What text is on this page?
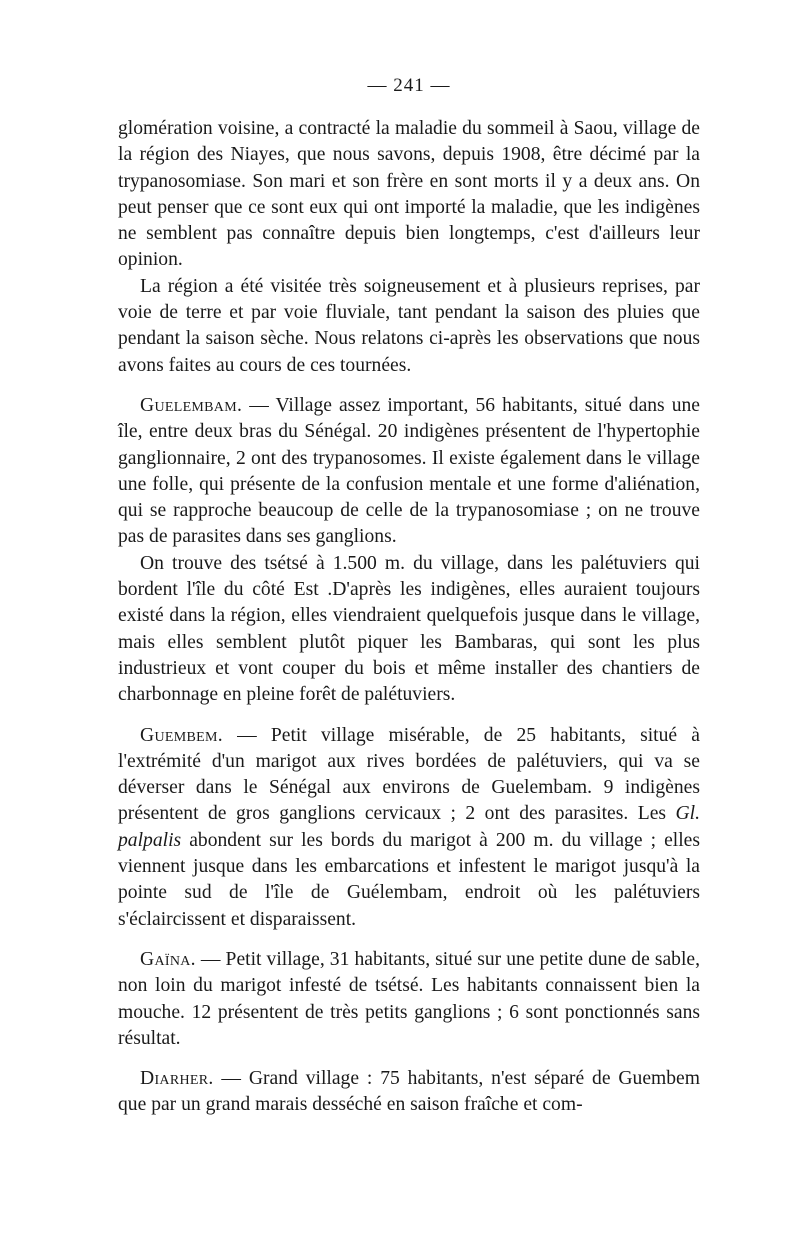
— 241 —

glomération voisine, a contracté la maladie du sommeil à Saou, village de la région des Niayes, que nous savons, depuis 1908, être décimé par la trypanosomiase. Son mari et son frère en sont morts il y a deux ans. On peut penser que ce sont eux qui ont importé la maladie, que les indigènes ne semblent pas connaître depuis bien longtemps, c'est d'ailleurs leur opinion.

La région a été visitée très soigneusement et à plusieurs reprises, par voie de terre et par voie fluviale, tant pendant la saison des pluies que pendant la saison sèche. Nous relatons ci-après les observations que nous avons faites au cours de ces tournées.

Guelembam. — Village assez important, 56 habitants, situé dans une île, entre deux bras du Sénégal. 20 indigènes présentent de l'hypertophie ganglionnaire, 2 ont des trypanosomes. Il existe également dans le village une folle, qui présente de la confusion mentale et une forme d'aliénation, qui se rapproche beaucoup de celle de la trypanosomiase ; on ne trouve pas de parasites dans ses ganglions.

On trouve des tsétsé à 1.500 m. du village, dans les palétuviers qui bordent l'île du côté Est .D'après les indigènes, elles auraient toujours existé dans la région, elles viendraient quelquefois jusque dans le village, mais elles semblent plutôt piquer les Bambaras, qui sont les plus industrieux et vont couper du bois et même installer des chantiers de charbonnage en pleine forêt de palétuviers.

Guembem. — Petit village misérable, de 25 habitants, situé à l'extrémité d'un marigot aux rives bordées de palétuviers, qui va se déverser dans le Sénégal aux environs de Guelembam. 9 indigènes présentent de gros ganglions cervicaux ; 2 ont des parasites. Les Gl. palpalis abondent sur les bords du marigot à 200 m. du village ; elles viennent jusque dans les embarcations et infestent le marigot jusqu'à la pointe sud de l'île de Guélembam, endroit où les palétuviers s'éclaircissent et disparaissent.

Gaïna. — Petit village, 31 habitants, situé sur une petite dune de sable, non loin du marigot infesté de tsétsé. Les habitants connaissent bien la mouche. 12 présentent de très petits ganglions ; 6 sont ponctionnés sans résultat.

Diarher. — Grand village : 75 habitants, n'est séparé de Guembem que par un grand marais desséché en saison fraîche et com-
